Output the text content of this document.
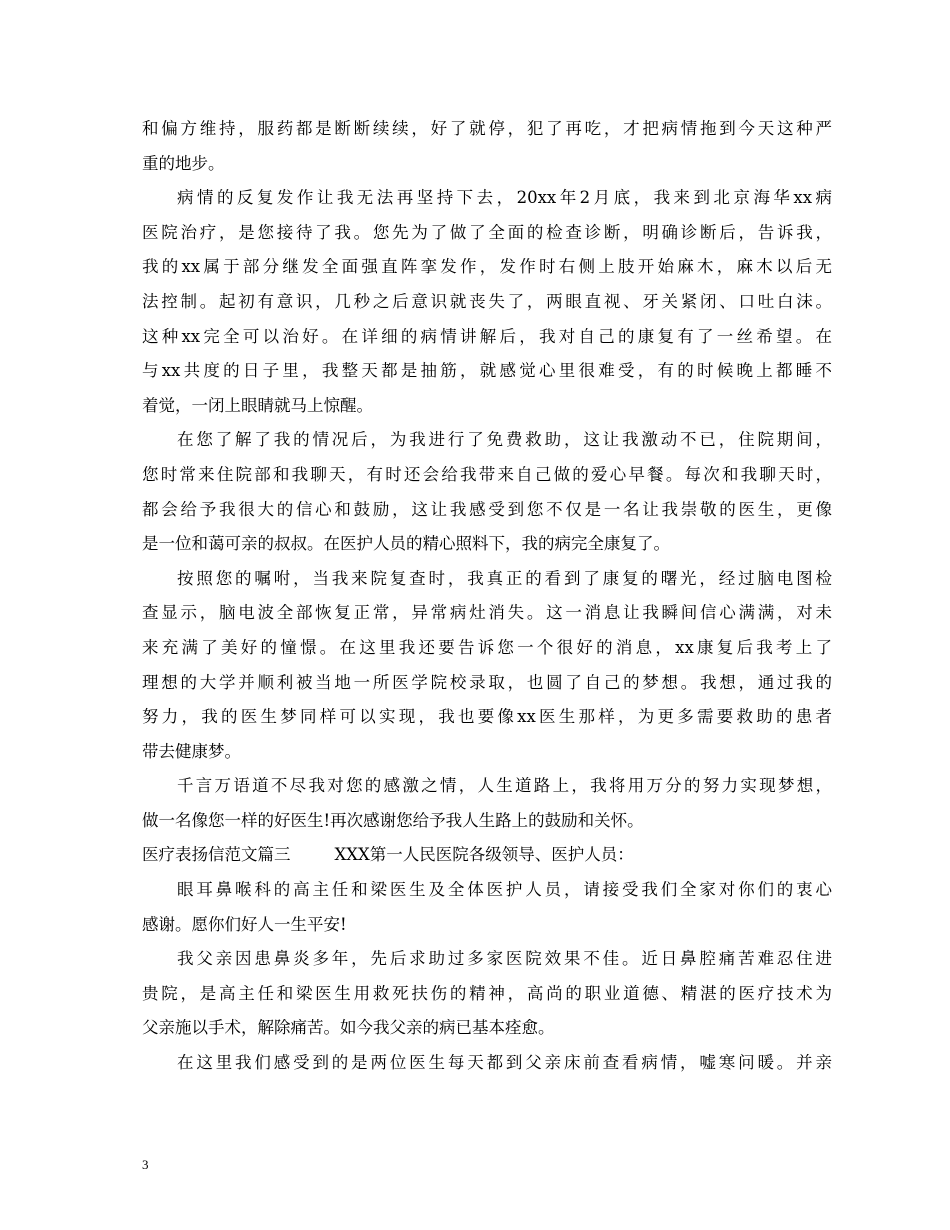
和偏方维持，服药都是断断续续，好了就停，犯了再吃，才把病情拖到今天这种严
重的地步。
病情的反复发作让我无法再坚持下去，20xx年2月底，我来到北京海华xx病
医院治疗，是您接待了我。您先为了做了全面的检查诊断，明确诊断后，告诉我，
我的xx属于部分继发全面强直阵挛发作，发作时右侧上肢开始麻木，麻木以后无
法控制。起初有意识，几秒之后意识就丧失了，两眼直视、牙关紧闭、口吐白沫。
这种xx完全可以治好。在详细的病情讲解后，我对自己的康复有了一丝希望。在
与xx共度的日子里，我整天都是抽筋，就感觉心里很难受，有的时候晚上都睡不
着觉，一闭上眼睛就马上惊醒。
在您了解了我的情况后，为我进行了免费救助，这让我激动不已，住院期间，
您时常来住院部和我聊天，有时还会给我带来自己做的爱心早餐。每次和我聊天时，
都会给予我很大的信心和鼓励，这让我感受到您不仅是一名让我崇敬的医生，更像
是一位和蔼可亲的叔叔。在医护人员的精心照料下，我的病完全康复了。
按照您的嘱咐，当我来院复查时，我真正的看到了康复的曙光，经过脑电图检
查显示，脑电波全部恢复正常，异常病灶消失。这一消息让我瞬间信心满满，对未
来充满了美好的憧憬。在这里我还要告诉您一个很好的消息，xx康复后我考上了
理想的大学并顺利被当地一所医学院校录取，也圆了自己的梦想。我想，通过我的
努力，我的医生梦同样可以实现，我也要像xx医生那样，为更多需要救助的患者
带去健康梦。
千言万语道不尽我对您的感激之情，人生道路上，我将用万分的努力实现梦想，
做一名像您一样的好医生!再次感谢您给予我人生路上的鼓励和关怀。
医疗表扬信范文篇三	XXX第一人民医院各级领导、医护人员：
眼耳鼻喉科的高主任和梁医生及全体医护人员，请接受我们全家对你们的衷心
感谢。愿你们好人一生平安!
我父亲因患鼻炎多年，先后求助过多家医院效果不佳。近日鼻腔痛苦难忍住进
贵院，是高主任和梁医生用救死扶伤的精神，高尚的职业道德、精湛的医疗技术为
父亲施以手术，解除痛苦。如今我父亲的病已基本痊愈。
在这里我们感受到的是两位医生每天都到父亲床前查看病情，嘘寒问暖。并亲
3
